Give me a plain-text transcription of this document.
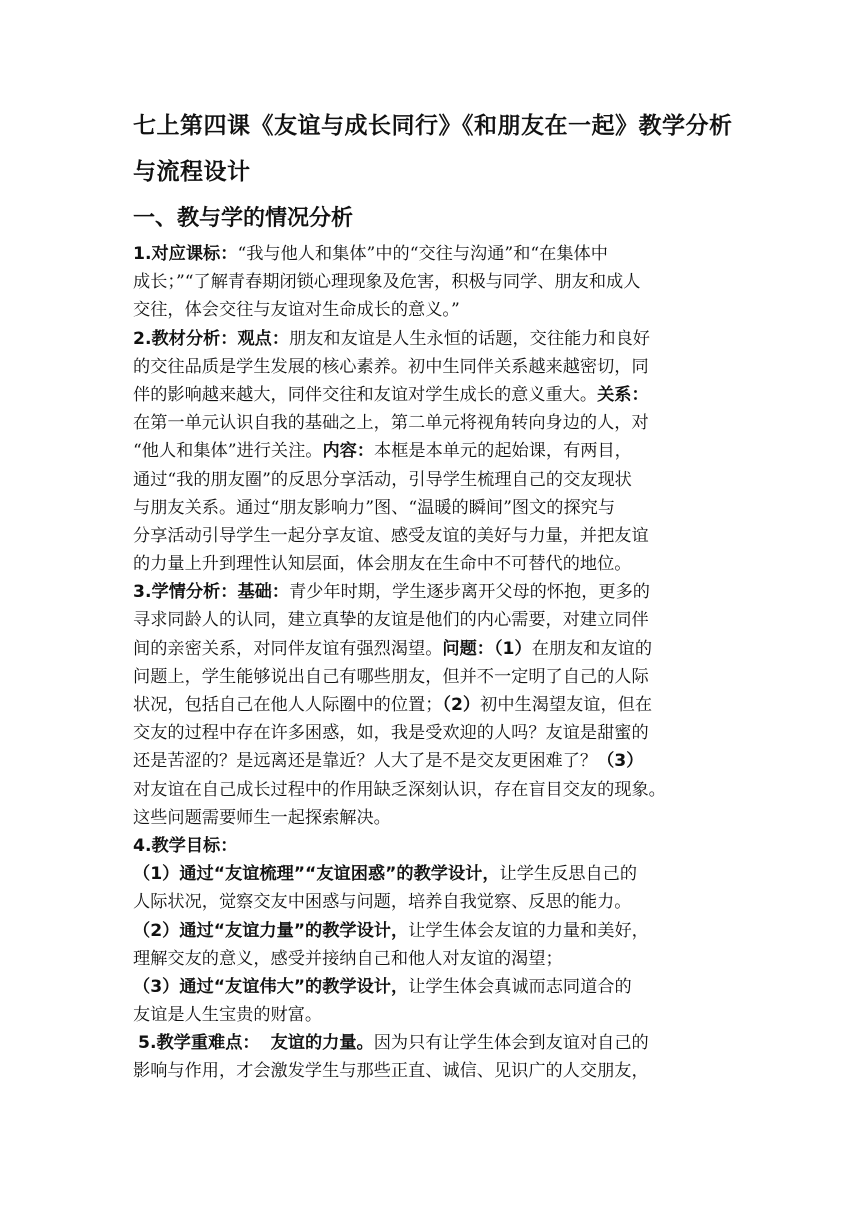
七上第四课《友谊与成长同行》《和朋友在一起》教学分析
与流程设计
一、教与学的情况分析
1.对应课标：“我与他人和集体”中的“交往与沟通”和“在集体中
成长；”“了解青春期闭锁心理现象及危害，积极与同学、朋友和成人
交往，体会交往与友谊对生命成长的意义。”
2.教材分析：观点：朋友和友谊是人生永恒的话题，交往能力和良好
的交往品质是学生发展的核心素养。初中生同伴关系越来越密切，同
伴的影响越来越大，同伴交往和友谊对学生成长的意义重大。关系：
在第一单元认识自我的基础之上，第二单元将视角转向身边的人，对
“他人和集体”进行关注。内容：本框是本单元的起始课，有两目，
通过“我的朋友圈”的反思分享活动，引导学生梳理自己的交友现状
与朋友关系。通过“朋友影响力”图、“温暖的瞬间”图文的探究与
分享活动引导学生一起分享友谊、感受友谊的美好与力量，并把友谊
的力量上升到理性认知层面，体会朋友在生命中不可替代的地位。
3.学情分析：基础：青少年时期，学生逐步离开父母的怀抱，更多的
寻求同龄人的认同，建立真挚的友谊是他们的内心需要，对建立同伴
间的亲密关系，对同伴友谊有强烈渴望。问题：（1）在朋友和友谊的
问题上，学生能够说出自己有哪些朋友，但并不一定明了自己的人际
状况，包括自己在他人人际圈中的位置；（2）初中生渴望友谊，但在
交友的过程中存在许多困惑，如，我是受欢迎的人吗？友谊是甜蜜的
还是苦涩的？是远离还是靠近？人大了是不是交友更困难了？（3）
对友谊在自己成长过程中的作用缺乏深刻认识，存在盲目交友的现象。
这些问题需要师生一起探索解决。
4.教学目标：
（1）通过“友谊梳理”“友谊困惑”的教学设计，让学生反思自己的
人际状况，觉察交友中困惑与问题，培养自我觉察、反思的能力。
（2）通过“友谊力量”的教学设计，让学生体会友谊的力量和美好，
理解交友的意义，感受并接纳自己和他人对友谊的渴望；
（3）通过“友谊伟大”的教学设计，让学生体会真诚而志同道合的
友谊是人生宝贵的财富。
5.教学重难点： 友谊的力量。因为只有让学生体会到友谊对自己的
影响与作用，才会激发学生与那些正直、诚信、见识广的人交朋友，
